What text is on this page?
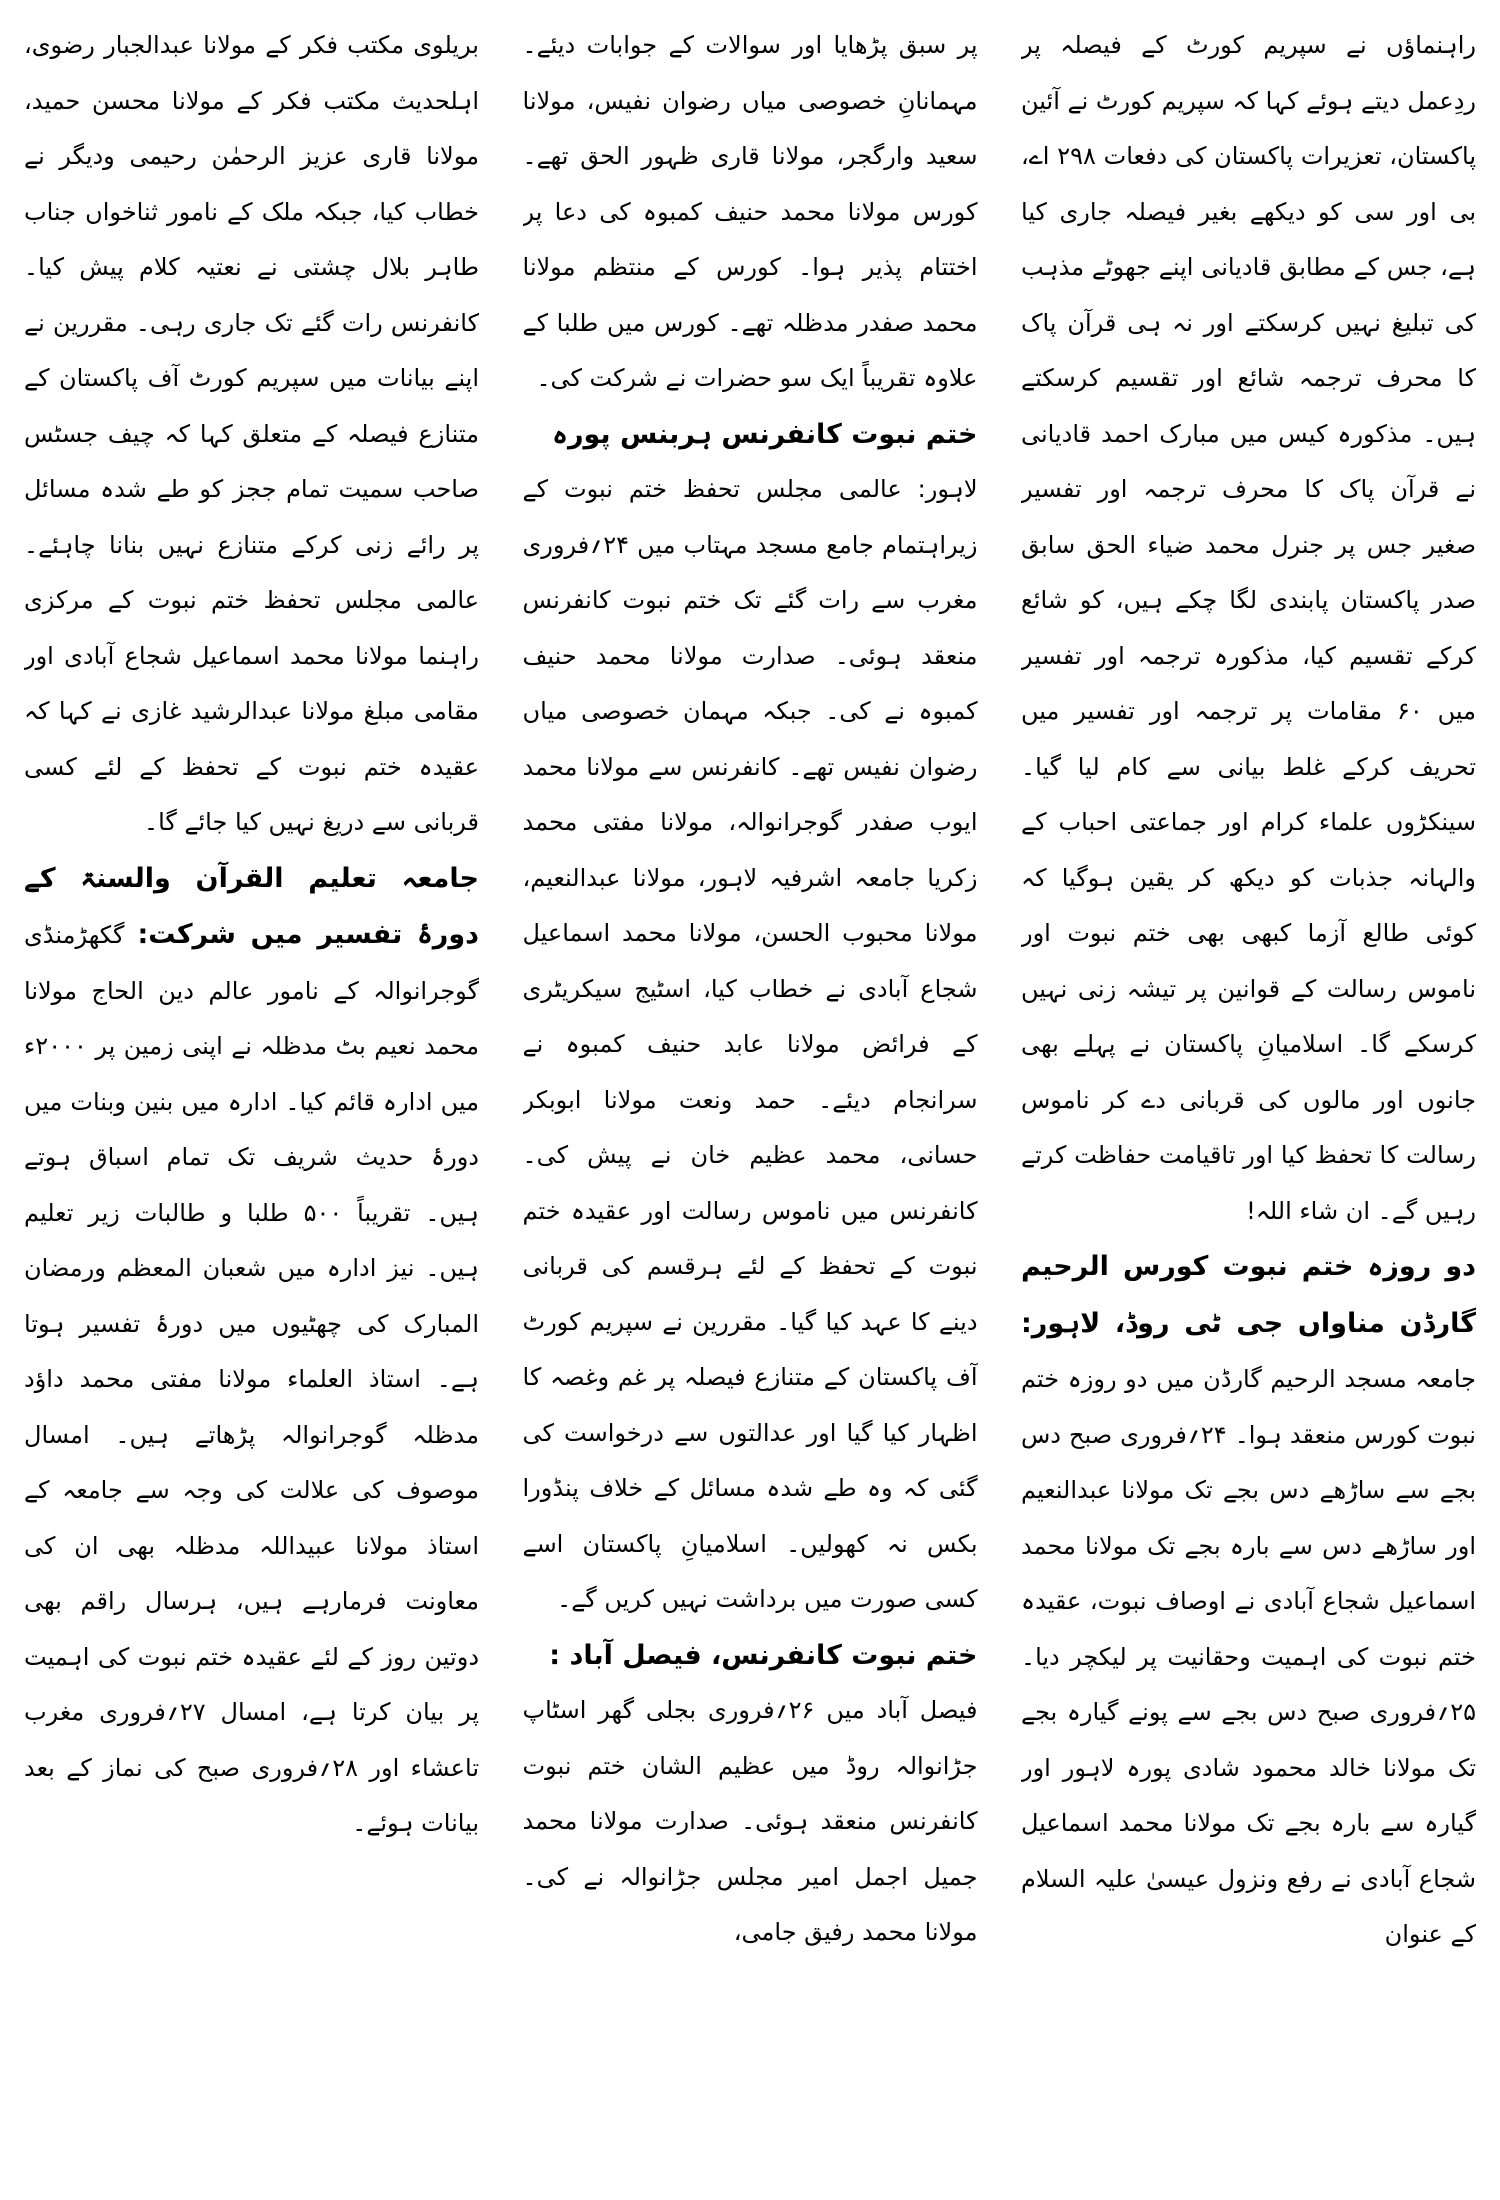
راہنماؤں نے سپریم کورٹ کے فیصلہ پر ردِعمل دیتے ہوئے کہا کہ سپریم کورٹ نے آئین پاکستان، تعزیرات پاکستان کی دفعات ۲۹۸ اے، بی اور سی کو دیکھے بغیر فیصلہ جاری کیا ہے، جس کے مطابق قادیانی اپنے جھوٹے مذہب کی تبلیغ نہیں کرسکتے اور نہ ہی قرآن پاک کا محرف ترجمہ شائع اور تقسیم کرسکتے ہیں۔ مذکورہ کیس میں مبارک احمد قادیانی نے قرآن پاک کا محرف ترجمہ اور تفسیر صغیر جس پر جنرل محمد ضیاء الحق سابق صدر پاکستان پابندی لگا چکے ہیں، کو شائع کرکے تقسیم کیا، مذکورہ ترجمہ اور تفسیر میں ۶۰ مقامات پر ترجمہ اور تفسیر میں تحریف کرکے غلط بیانی سے کام لیا گیا۔ سینکڑوں علماء کرام اور جماعتی احباب کے والہانہ جذبات کو دیکھ کر یقین ہوگیا کہ کوئی طالع آزما کبھی بھی ختم نبوت اور ناموس رسالت کے قوانین پر تیشہ زنی نہیں کرسکے گا۔ اسلامیانِ پاکستان نے پہلے بھی جانوں اور مالوں کی قربانی دے کر ناموس رسالت کا تحفظ کیا اور تاقیامت حفاظت کرتے رہیں گے۔ ان شاء اللہ!

دو روزہ ختم نبوت کورس الرحیم گارڈن مناواں جی ٹی روڈ، لاہور: جامعہ مسجد الرحیم گارڈن میں دو روزہ ختم نبوت کورس منعقد ہوا۔ ۲۴؍فروری صبح دس بجے سے ساڑھے دس بجے تک مولانا عبدالنعیم اور ساڑھے دس سے بارہ بجے تک مولانا محمد اسماعیل شجاع آبادی نے اوصاف نبوت، عقیدہ ختم نبوت کی اہمیت وحقانیت پر لیکچر دیا۔ ۲۵؍فروری صبح دس بجے سے پونے گیارہ بجے تک مولانا خالد محمود شادی پورہ لاہور اور گیارہ سے بارہ بجے تک مولانا محمد اسماعیل شجاع آبادی نے رفع ونزول عیسیٰ علیہ السلام کے عنوان

پر سبق پڑھایا اور سوالات کے جوابات دیئے۔ مہمانانِ خصوصی میاں رضوان نفیس، مولانا سعید وارگجر، مولانا قاری ظہور الحق تھے۔ کورس مولانا محمد حنیف کمبوہ کی دعا پر اختتام پذیر ہوا۔ کورس کے منتظم مولانا محمد صفدر مدظلہ تھے۔ کورس میں طلبا کے علاوہ تقریباً ایک سو حضرات نے شرکت کی۔

ختم نبوت کانفرنس ہربنس پورہ

لاہور: عالمی مجلس تحفظ ختم نبوت کے زیراہتمام جامع مسجد مہتاب میں ۲۴؍فروری مغرب سے رات گئے تک ختم نبوت کانفرنس منعقد ہوئی۔ صدارت مولانا محمد حنیف کمبوہ نے کی۔ جبکہ مہمان خصوصی میاں رضوان نفیس تھے۔ کانفرنس سے مولانا محمد ایوب صفدر گوجرانوالہ، مولانا مفتی محمد زکریا جامعہ اشرفیہ لاہور، مولانا عبدالنعیم، مولانا محبوب الحسن، مولانا محمد اسماعیل شجاع آبادی نے خطاب کیا، اسٹیج سیکریٹری کے فرائض مولانا عابد حنیف کمبوہ نے سرانجام دیئے۔ حمد ونعت مولانا ابوبکر حسانی، محمد عظیم خان نے پیش کی۔ کانفرنس میں ناموس رسالت اور عقیدہ ختم نبوت کے تحفظ کے لئے ہرقسم کی قربانی دینے کا عہد کیا گیا۔ مقررین نے سپریم کورٹ آف پاکستان کے متنازع فیصلہ پر غم وغصہ کا اظہار کیا گیا اور عدالتوں سے درخواست کی گئی کہ وہ طے شدہ مسائل کے خلاف پنڈورا بکس نہ کھولیں۔ اسلامیانِ پاکستان اسے کسی صورت میں برداشت نہیں کریں گے۔

ختم نبوت کانفرنس، فیصل آباد :

فیصل آباد میں ۲۶؍فروری بجلی گھر اسٹاپ جڑانوالہ روڈ میں عظیم الشان ختم نبوت کانفرنس منعقد ہوئی۔ صدارت مولانا محمد جمیل اجمل امیر مجلس جڑانوالہ نے کی۔ مولانا محمد رفیق جامی،

بریلوی مکتب فکر کے مولانا عبدالجبار رضوی، اہلحدیث مکتب فکر کے مولانا محسن حمید، مولانا قاری عزیز الرحمٰن رحیمی ودیگر نے خطاب کیا، جبکہ ملک کے نامور ثناخواں جناب طاہر بلال چشتی نے نعتیہ کلام پیش کیا۔ کانفرنس رات گئے تک جاری رہی۔ مقررین نے اپنے بیانات میں سپریم کورٹ آف پاکستان کے متنازع فیصلہ کے متعلق کہا کہ چیف جسٹس صاحب سمیت تمام ججز کو طے شدہ مسائل پر رائے زنی کرکے متنازع نہیں بنانا چاہئے۔ عالمی مجلس تحفظ ختم نبوت کے مرکزی راہنما مولانا محمد اسماعیل شجاع آبادی اور مقامی مبلغ مولانا عبدالرشید غازی نے کہا کہ عقیدہ ختم نبوت کے تحفظ کے لئے کسی قربانی سے دریغ نہیں کیا جائے گا۔

جامعہ تعلیم القرآن والسنۃ کے دورۂ تفسیر میں شرکت: گکھڑمنڈی گوجرانوالہ کے نامور عالم دین الحاج مولانا محمد نعیم بٹ مدظلہ نے اپنی زمین پر ۲۰۰۰ء میں ادارہ قائم کیا۔ ادارہ میں بنین وبنات میں دورۂ حدیث شریف تک تمام اسباق ہوتے ہیں۔ تقریباً ۵۰۰ طلبا و طالبات زیر تعلیم ہیں۔ نیز ادارہ میں شعبان المعظم ورمضان المبارک کی چھٹیوں میں دورۂ تفسیر ہوتا ہے۔ استاذ العلماء مولانا مفتی محمد داؤد مدظلہ گوجرانوالہ پڑھاتے ہیں۔ امسال موصوف کی علالت کی وجہ سے جامعہ کے استاذ مولانا عبیداللہ مدظلہ بھی ان کی معاونت فرمارہے ہیں، ہرسال راقم بھی دوتین روز کے لئے عقیدہ ختم نبوت کی اہمیت پر بیان کرتا ہے، امسال ۲۷؍فروری مغرب تاعشاء اور ۲۸؍فروری صبح کی نماز کے بعد بیانات ہوئے۔
